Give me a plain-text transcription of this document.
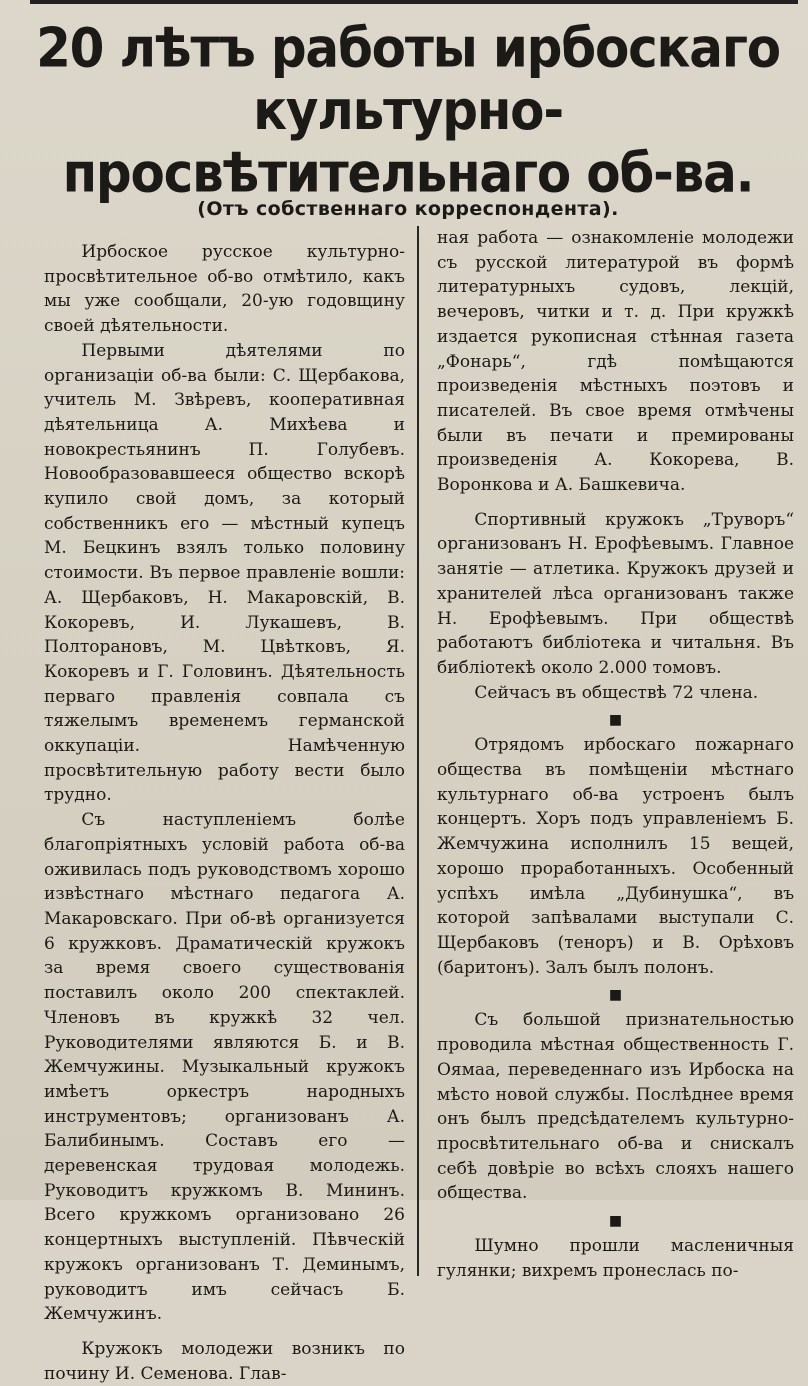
20 лѣтъ работы ирбоскаго культурно-просвѣтительнаго об-ва.
(Отъ собственнаго корреспондента).

Ирбоское русское культурно-просвѣтительное об-во отмѣтило, какъ мы уже сообщали, 20-ую годовщину своей дѣятельности.

Первыми дѣятелями по организаціи об-ва были: С. Щербакова, учитель М. Звѣревъ, кооперативная дѣятельница А. Михѣева и новокрестьянинъ П. Голубевъ. Новообразовавшееся общество вскорѣ купило свой домъ, за который собственникъ его — мѣстный купецъ М. Бецкинъ взялъ только половину стоимости. Въ первое правленіе вошли: А. Щербаковъ, Н. Макаровскій, В. Кокоревъ, И. Лукашевъ, В. Полторановъ, М. Цвѣтковъ, Я. Кокоревъ и Г. Головинъ. Дѣятельность перваго правленія совпала съ тяжелымъ временемъ германской оккупаціи. Намѣченную просвѣтительную работу вести было трудно.

Съ наступленіемъ болѣе благопріятныхъ условій работа об-ва оживилась подъ руководствомъ хорошо извѣстнаго мѣстнаго педагога А. Макаровскаго. При об-вѣ организуется 6 кружковъ. Драматическій кружокъ за время своего существованія поставилъ около 200 спектаклей. Членовъ въ кружкѣ 32 чел. Руководителями являются Б. и В. Жемчужины. Музыкальный кружокъ имѣетъ оркестръ народныхъ инструментовъ; организованъ А. Балибинымъ. Составъ его — деревенская трудовая молодежь. Руководитъ кружкомъ В. Мининъ. Всего кружкомъ организовано 26 концертныхъ выступленій. Пѣвческій кружокъ организованъ Т. Деминымъ, руководитъ имъ сейчасъ Б. Жемчужинъ.

Кружокъ молодежи возникъ по почину И. Семенова. Глав-

ная работа — ознакомленіе молодежи съ русской литературой въ формѣ литературныхъ судовъ, лекцій, вечеровъ, читки и т. д. При кружкѣ издается рукописная стѣнная газета „Фонарь“, гдѣ помѣщаются произведенія мѣстныхъ поэтовъ и писателей. Въ свое время отмѣчены были въ печати и премированы произведенія А. Кокорева, В. Воронкова и А. Башкевича.

Спортивный кружокъ „Труворъ“ организованъ Н. Ерофѣевымъ. Главное занятіе — атлетика. Кружокъ друзей и хранителей лѣса организованъ также Н. Ерофѣевымъ. При обществѣ работаютъ библіотека и читальня. Въ библіотекѣ около 2.000 томовъ.

Сейчасъ въ обществѣ 72 члена.

■

Отрядомъ ирбоскаго пожарнаго общества въ помѣщеніи мѣстнаго культурнаго об-ва устроенъ былъ концертъ. Хоръ подъ управленіемъ Б. Жемчужина исполнилъ 15 вещей, хорошо проработанныхъ. Особенный успѣхъ имѣла „Дубинушка“, въ которой запѣвалами выступали С. Щербаковъ (теноръ) и В. Орѣховъ (баритонъ). Залъ былъ полонъ.

■

Съ большой признательностью проводила мѣстная общественность Г. Оямаа, переведеннаго изъ Ирбоска на мѣсто новой службы. Послѣднее время онъ былъ предсѣдателемъ культурно-просвѣтительнаго об-ва и снискалъ себѣ довѣріе во всѣхъ слояхъ нашего общества.

■

Шумно прошли масленичныя гулянки; вихремъ пронеслась по-
